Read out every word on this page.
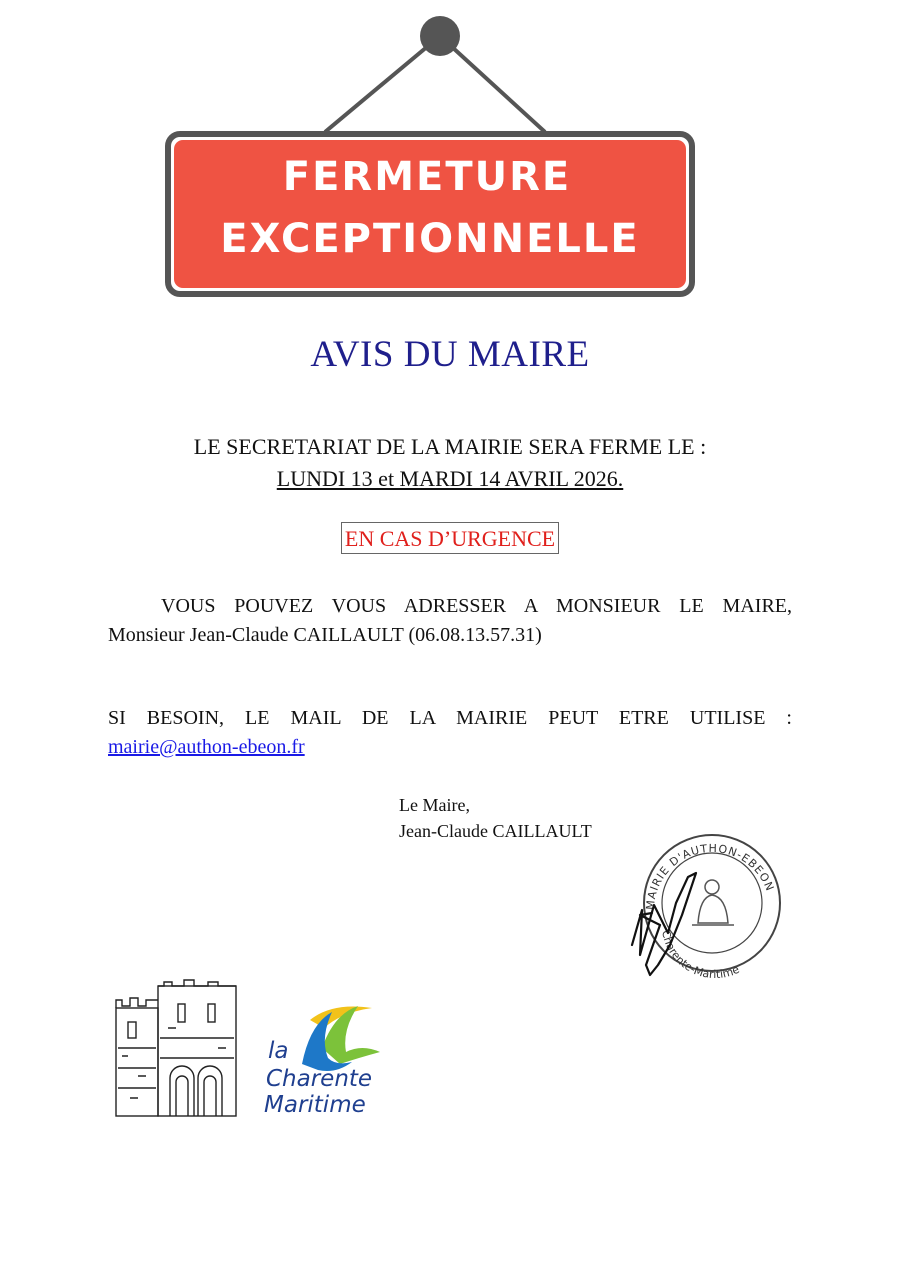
FERMETURE
EXCEPTIONNELLE
AVIS DU MAIRE
LE SECRETARIAT DE LA MAIRIE SERA FERME LE :
LUNDI 13 et MARDI 14 AVRIL 2026.
EN CAS D’URGENCE
VOUS POUVEZ VOUS ADRESSER A MONSIEUR LE MAIRE,
Monsieur Jean-Claude CAILLAULT (06.08.13.57.31)
SI BESOIN, LE MAIL DE LA MAIRIE PEUT ETRE UTILISE :
mairie@authon-ebeon.fr
Le Maire,
Jean-Claude CAILLAULT
MAIRIE D'AUTHON-EBEON
Charente-Maritime
la
Charente
Maritime
